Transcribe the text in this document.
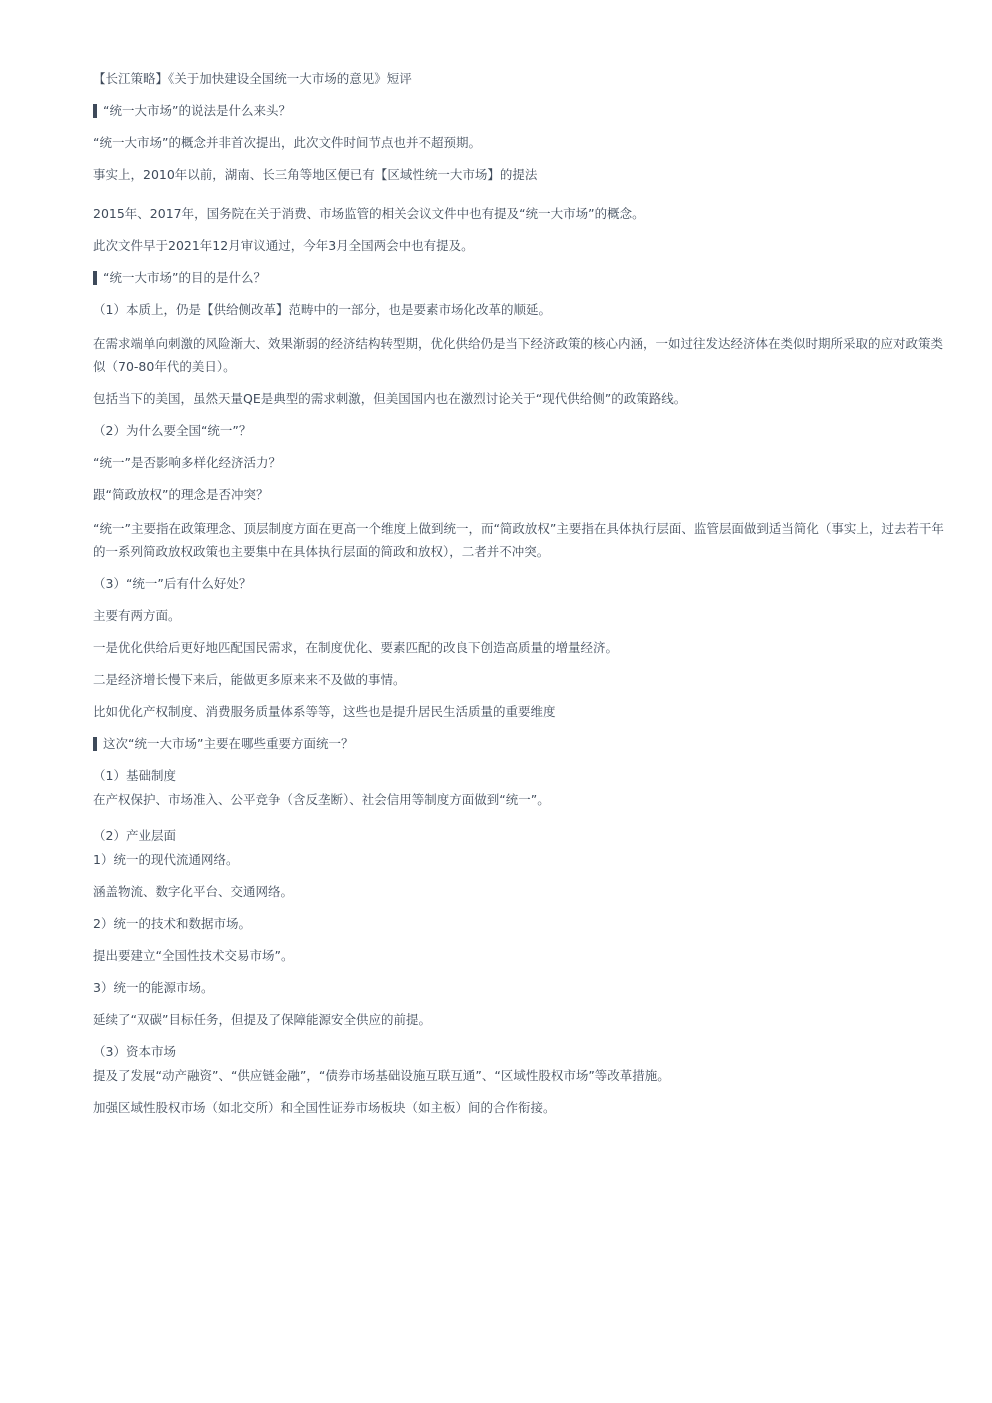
【长江策略】《关于加快建设全国统一大市场的意见》短评
“统一大市场”的说法是什么来头？
“统一大市场”的概念并非首次提出，此次文件时间节点也并不超预期。
事实上，2010年以前，湖南、长三角等地区便已有【区域性统一大市场】的提法
2015年、2017年，国务院在关于消费、市场监管的相关会议文件中也有提及“统一大市场”的概念。
此次文件早于2021年12月审议通过，今年3月全国两会中也有提及。
“统一大市场”的目的是什么？
（1）本质上，仍是【供给侧改革】范畴中的一部分，也是要素市场化改革的顺延。
在需求端单向刺激的风险渐大、效果渐弱的经济结构转型期，优化供给仍是当下经济政策的核心内涵，一如过往发达经济体在类似时期所采取的应对政策类似（70-80年代的美日）。
包括当下的美国，虽然天量QE是典型的需求刺激，但美国国内也在激烈讨论关于“现代供给侧”的政策路线。
（2）为什么要全国“统一”？
“统一”是否影响多样化经济活力？
跟“简政放权”的理念是否冲突？
“统一”主要指在政策理念、顶层制度方面在更高一个维度上做到统一，而“简政放权”主要指在具体执行层面、监管层面做到适当简化（事实上，过去若干年的一系列简政放权政策也主要集中在具体执行层面的简政和放权），二者并不冲突。
（3）“统一”后有什么好处？
主要有两方面。
一是优化供给后更好地匹配国民需求，在制度优化、要素匹配的改良下创造高质量的增量经济。
二是经济增长慢下来后，能做更多原来来不及做的事情。
比如优化产权制度、消费服务质量体系等等，这些也是提升居民生活质量的重要维度
这次“统一大市场”主要在哪些重要方面统一？
（1）基础制度
在产权保护、市场准入、公平竞争（含反垄断）、社会信用等制度方面做到“统一”。
（2）产业层面
1）统一的现代流通网络。
涵盖物流、数字化平台、交通网络。
2）统一的技术和数据市场。
提出要建立“全国性技术交易市场”。
3）统一的能源市场。
延续了“双碳”目标任务，但提及了保障能源安全供应的前提。
（3）资本市场
提及了发展“动产融资”、“供应链金融”，“债券市场基础设施互联互通”、“区域性股权市场”等改革措施。
加强区域性股权市场（如北交所）和全国性证券市场板块（如主板）间的合作衔接。
